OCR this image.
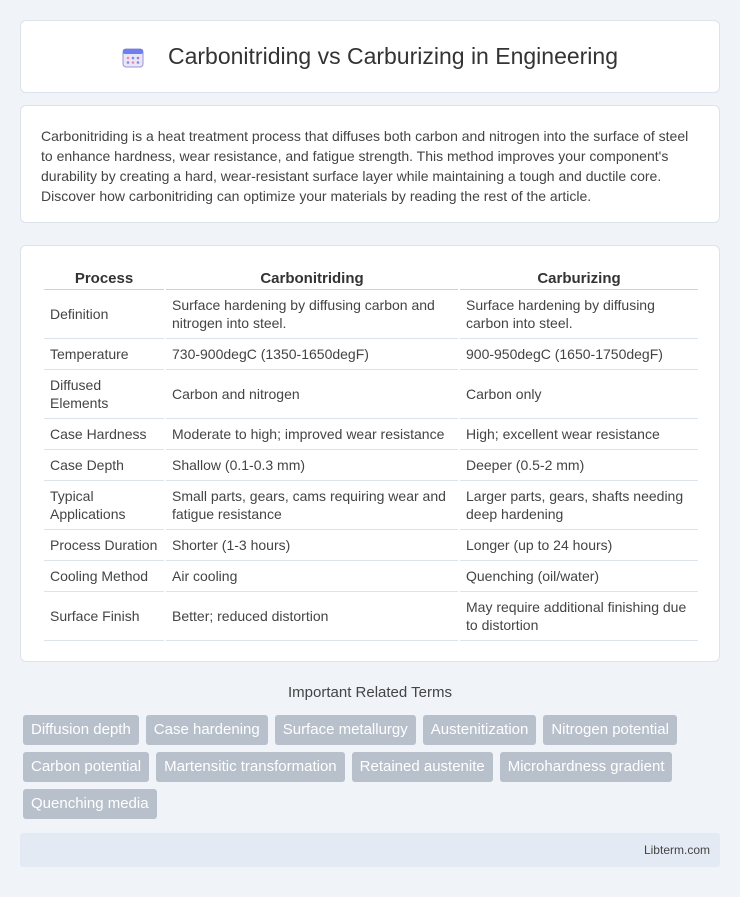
Carbonitriding vs Carburizing in Engineering

Carbonitriding is a heat treatment process that diffuses both carbon and nitrogen into the surface of steel to enhance hardness, wear resistance, and fatigue strength. This method improves your component's durability by creating a hard, wear-resistant surface layer while maintaining a tough and ductile core. Discover how carbonitriding can optimize your materials by reading the rest of the article.

Process	Carbonitriding	Carburizing
Definition	Surface hardening by diffusing carbon and nitrogen into steel.	Surface hardening by diffusing carbon into steel.
Temperature	730-900degC (1350-1650degF)	900-950degC (1650-1750degF)
Diffused Elements	Carbon and nitrogen	Carbon only
Case Hardness	Moderate to high; improved wear resistance	High; excellent wear resistance
Case Depth	Shallow (0.1-0.3 mm)	Deeper (0.5-2 mm)
Typical Applications	Small parts, gears, cams requiring wear and fatigue resistance	Larger parts, gears, shafts needing deep hardening
Process Duration	Shorter (1-3 hours)	Longer (up to 24 hours)
Cooling Method	Air cooling	Quenching (oil/water)
Surface Finish	Better; reduced distortion	May require additional finishing due to distortion
Important Related Terms
Diffusion depth	Case hardening	Surface metallurgy	Austenitization	Nitrogen potential
Carbon potential	Martensitic transformation	Retained austenite	Microhardness gradient
Quenching media
Libterm.com
